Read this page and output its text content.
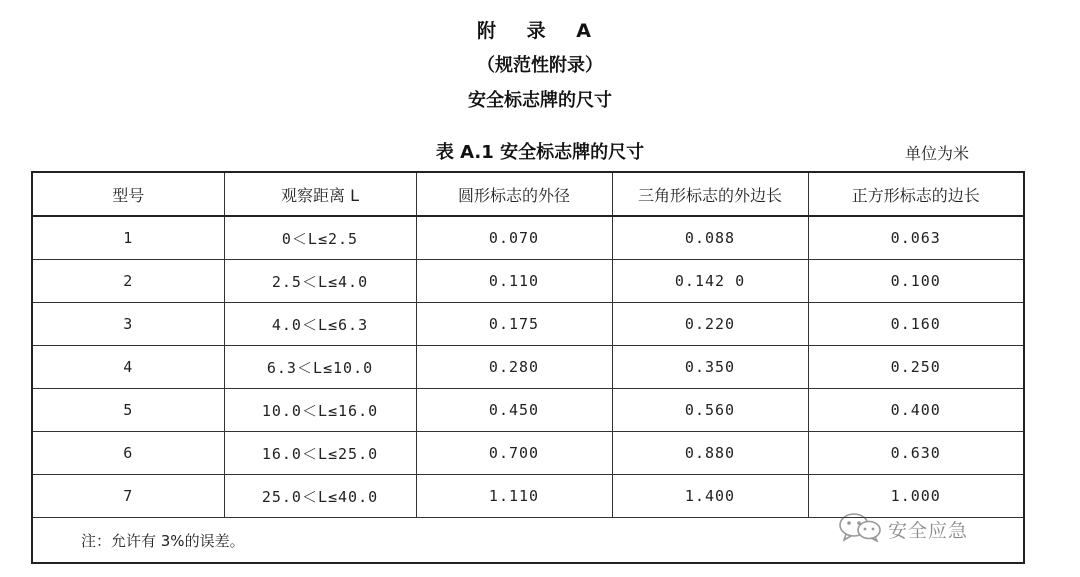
附 录 A
（规范性附录）
安全标志牌的尺寸
表 A.1 安全标志牌的尺寸	单位为米
型号	观察距离 L	圆形标志的外径	三角形标志的外边长	正方形标志的边长
1	0＜L≤2.5	0.070	0.088	0.063
2	2.5＜L≤4.0	0.110	0.142 0	0.100
3	4.0＜L≤6.3	0.175	0.220	0.160
4	6.3＜L≤10.0	0.280	0.350	0.250
5	10.0＜L≤16.0	0.450	0.560	0.400
6	16.0＜L≤25.0	0.700	0.880	0.630
7	25.0＜L≤40.0	1.110	1.400	1.000
注：允许有 3%的误差。					安全应急
